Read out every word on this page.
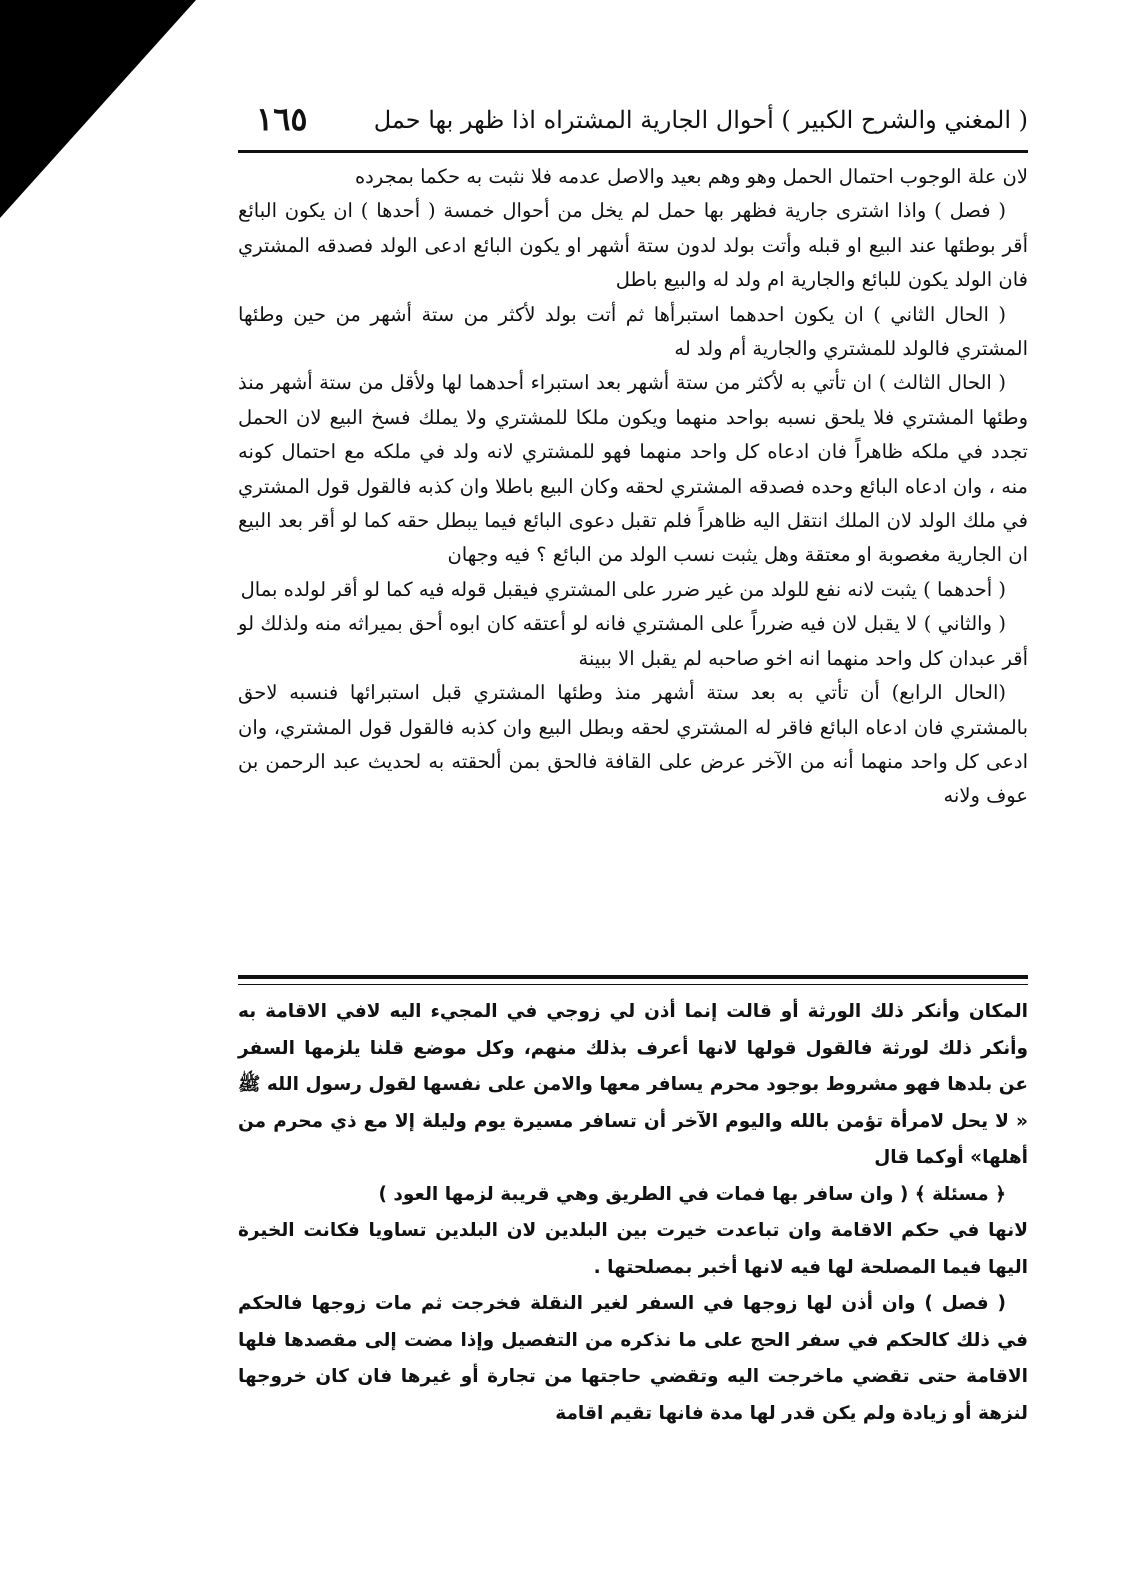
( المغني والشرح الكبير ) أحوال الجارية المشتراه اذا ظهر بها حمل
١٦٥

لان علة الوجوب احتمال الحمل وهو وهم بعيد والاصل عدمه فلا نثبت به حكما بمجرده

( فصل ) واذا اشترى جارية فظهر بها حمل لم يخل من أحوال خمسة ( أحدها ) ان يكون البائع أقر بوطئها عند البيع او قبله وأتت بولد لدون ستة أشهر او يكون البائع ادعى الولد فصدقه المشتري فان الولد يكون للبائع والجارية ام ولد له والبيع باطل

( الحال الثاني ) ان يكون احدهما استبرأها ثم أتت بولد لأكثر من ستة أشهر من حين وطئها المشتري فالولد للمشتري والجارية أم ولد له

( الحال الثالث ) ان تأتي به لأكثر من ستة أشهر بعد استبراء أحدهما لها ولأقل من ستة أشهر منذ وطئها المشتري فلا يلحق نسبه بواحد منهما ويكون ملكا للمشتري ولا يملك فسخ البيع لان الحمل تجدد في ملكه ظاهراً فان ادعاه كل واحد منهما فهو للمشتري لانه ولد في ملكه مع احتمال كونه منه ، وان ادعاه البائع وحده فصدقه المشتري لحقه وكان البيع باطلا وان كذبه فالقول قول المشتري في ملك الولد لان الملك انتقل اليه ظاهراً فلم تقبل دعوى البائع فيما يبطل حقه كما لو أقر بعد البيع ان الجارية مغصوبة او معتقة وهل يثبت نسب الولد من البائع ؟ فيه وجهان

( أحدهما ) يثبت لانه نفع للولد من غير ضرر على المشتري فيقبل قوله فيه كما لو أقر لولده بمال

( والثاني ) لا يقبل لان فيه ضرراً على المشتري فانه لو أعتقه كان ابوه أحق بميراثه منه ولذلك لو أقر عبدان كل واحد منهما انه اخو صاحبه لم يقبل الا ببينة

(الحال الرابع) أن تأتي به بعد ستة أشهر منذ وطئها المشتري قبل استبرائها فنسبه لاحق بالمشتري فان ادعاه البائع فاقر له المشتري لحقه وبطل البيع وان كذبه فالقول قول المشتري، وان ادعى كل واحد منهما أنه من الآخر عرض على القافة فالحق بمن ألحقته به لحديث عبد الرحمن بن عوف ولانه

المكان وأنكر ذلك الورثة أو قالت إنما أذن لي زوجي في المجيء اليه لافي الاقامة به وأنكر ذلك لورثة فالقول قولها لانها أعرف بذلك منهم، وكل موضع قلنا يلزمها السفر عن بلدها فهو مشروط بوجود محرم يسافر معها والامن على نفسها لقول رسول الله ﷺ « لا يحل لامرأة تؤمن بالله واليوم الآخر أن تسافر مسيرة يوم وليلة إلا مع ذي محرم من أهلها» أوكما قال

﴿ مسئلة ﴾ ( وان سافر بها فمات في الطريق وهي قريبة لزمها العود )

لانها في حكم الاقامة وان تباعدت خيرت بين البلدين لان البلدين تساويا فكانت الخيرة اليها فيما المصلحة لها فيه لانها أخبر بمصلحتها .

( فصل ) وان أذن لها زوجها في السفر لغير النقلة فخرجت ثم مات زوجها فالحكم في ذلك كالحكم في سفر الحج على ما نذكره من التفصيل وإذا مضت إلى مقصدها فلها الاقامة حتى تقضي ماخرجت اليه وتقضي حاجتها من تجارة أو غيرها فان كان خروجها لنزهة أو زيادة ولم يكن قدر لها مدة فانها تقيم اقامة
